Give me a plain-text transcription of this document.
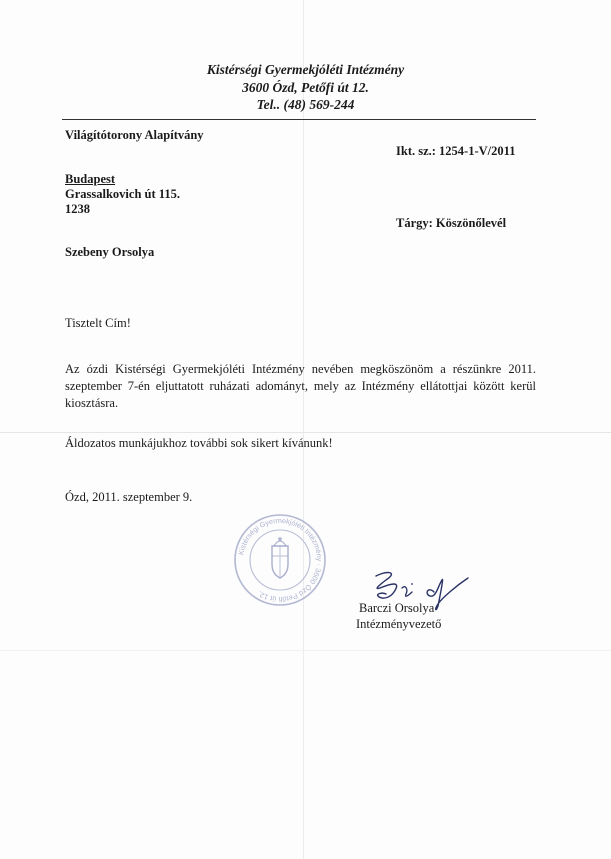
Kistérségi Gyermekjóléti Intézmény
3600 Ózd, Petőfi út 12.
Tel.. (48) 569-244
Világítótorony Alapítvány
Ikt. sz.: 1254-1-V/2011
Budapest
Grassalkovich út 115.
1238
Tárgy: Köszönőlevél
Szebeny Orsolya
Tisztelt Cím!
Az ózdi Kistérségi Gyermekjóléti Intézmény nevében megköszönöm a részünkre 2011.
szeptember 7-én eljuttatott ruházati adományt, mely az Intézmény ellátottjai között kerül
kiosztásra.
Áldozatos munkájukhoz további sok sikert kívánunk!
Ózd, 2011. szeptember 9.
Kistérségi Gyermekjóléti Intézmény · 3600 Ózd Petőfi út 12.
Barczi Orsolya
Intézményvezető
